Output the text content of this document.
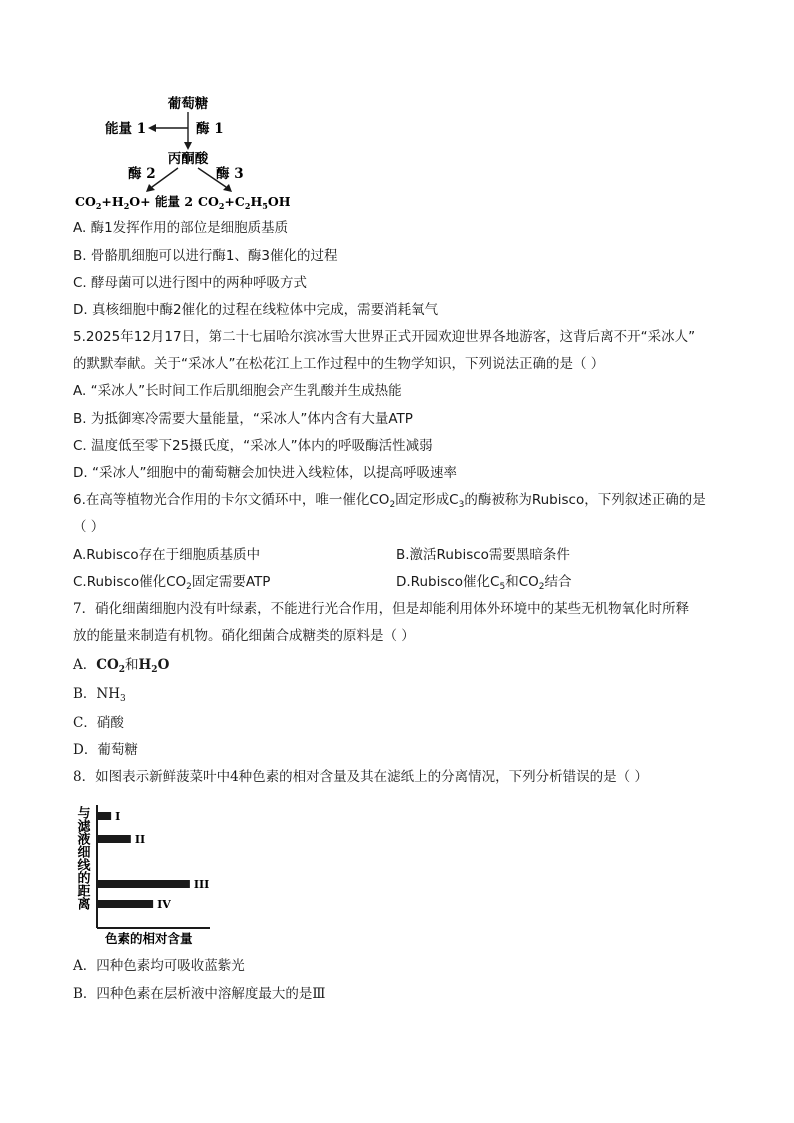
葡萄糖
能量 1	酶 1
丙酮酸
酶 2	酶 3
$CO_2+H_2O+$ 能量 2 $CO_2+C_2H_5OH$
A. 酶1发挥作用的部位是细胞质基质
B. 骨骼肌细胞可以进行酶1、酶3催化的过程
C. 酵母菌可以进行图中的两种呼吸方式
D. 真核细胞中酶2催化的过程在线粒体中完成，需要消耗氧气
5.2025年12月17日，第二十七届哈尔滨冰雪大世界正式开园欢迎世界各地游客，这背后离不开“采冰人”
的默默奉献。关于“采冰人”在松花江上工作过程中的生物学知识，下列说法正确的是（ ）
A. “采冰人”长时间工作后肌细胞会产生乳酸并生成热能
B. 为抵御寒冷需要大量能量，“采冰人”体内含有大量ATP
C. 温度低至零下25摄氏度，“采冰人”体内的呼吸酶活性减弱
D. “采冰人”细胞中的葡萄糖会加快进入线粒体，以提高呼吸速率
6.在高等植物光合作用的卡尔文循环中，唯一催化$CO_2$固定形成$C_3$的酶被称为Rubisco，下列叙述正确的是
（ ）
A.Rubisco存在于细胞质基质中	B.激活Rubisco需要黑暗条件
C.Rubisco催化$CO_2$固定需要ATP	D.Rubisco催化$C_5$和$CO_2$结合
7．硝化细菌细胞内没有叶绿素，不能进行光合作用，但是却能利用体外环境中的某些无机物氧化时所释
放的能量来制造有机物。硝化细菌合成糖类的原料是（ ）
A．$CO_2$和$H_2O$
B．$NH_3$
C．硝酸
D．葡萄糖
8．如图表示新鲜菠菜叶中4种色素的相对含量及其在滤纸上的分离情况，下列分析错误的是（ ）
与滤液细线的距离 I
II
III
IV
色素的相对含量
A．四种色素均可吸收蓝紫光
B．四种色素在层析液中溶解度最大的是Ⅲ
